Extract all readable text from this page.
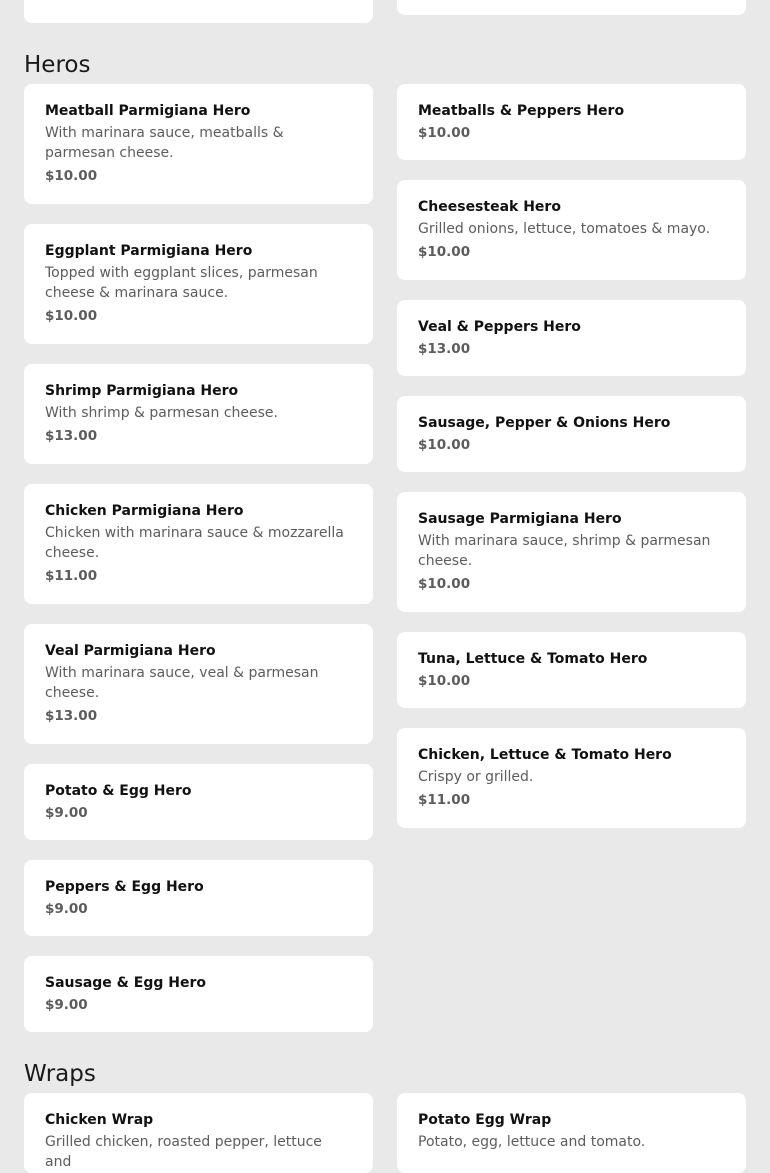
Heros
Meatball Parmigiana Hero
With marinara sauce, meatballs & parmesan cheese.
$10.00
Eggplant Parmigiana Hero
Topped with eggplant slices, parmesan cheese & marinara sauce.
$10.00
Shrimp Parmigiana Hero
With shrimp & parmesan cheese.
$13.00
Chicken Parmigiana Hero
Chicken with marinara sauce & mozzarella cheese.
$11.00
Veal Parmigiana Hero
With marinara sauce, veal & parmesan cheese.
$13.00
Potato & Egg Hero
$9.00
Peppers & Egg Hero
$9.00
Sausage & Egg Hero
$9.00
Meatballs & Peppers Hero
$10.00
Cheesesteak Hero
Grilled onions, lettuce, tomatoes & mayo.
$10.00
Veal & Peppers Hero
$13.00
Sausage, Pepper & Onions Hero
$10.00
Sausage Parmigiana Hero
With marinara sauce, shrimp & parmesan cheese.
$10.00
Tuna, Lettuce & Tomato Hero
$10.00
Chicken, Lettuce & Tomato Hero
Crispy or grilled.
$11.00
Wraps
Chicken Wrap
Grilled chicken, roasted pepper, lettuce and
Potato Egg Wrap
Potato, egg, lettuce and tomato.
